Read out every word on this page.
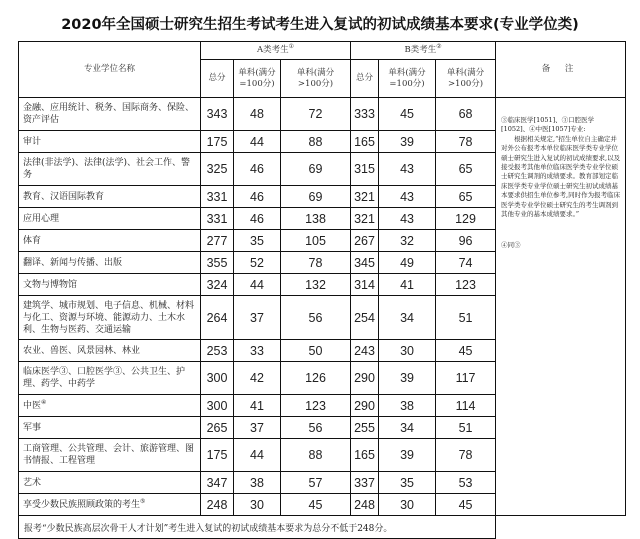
2020年全国硕士研究生招生考试考生进入复试的初试成绩基本要求(专业学位类)
专业学位名称	A类考生①			B类考生②			备 注
	总分	单科(满分=100分)	单科(满分>100分)	总分	单科(满分=100分)	单科(满分>100分)	
金融、应用统计、税务、国际商务、保险、资产评估	343	48	72	333	45	68	③临床医学[1051]、③口腔医学[1052]、④中医[1057]专业:

根据相关规定,“招生单位自主确定并对外公布报考本单位临床医学类专业学位硕士研究生进入复试的初试成绩要求,以及接受报考其他单位临床医学类专业学位硕士研究生调剂的成绩要求。教育部划定临床医学类专业学位硕士研究生初试成绩基本要求供招生单位参考,同时作为报考临床医学类专业学位硕士研究生的考生调剂到其他专业的基本成绩要求。”

④同③

审计	175	44	88	165	39	78	
法律(非法学)、法律(法学)、社会工作、警务	325	46	69	315	43	65	
教育、汉语国际教育	331	46	69	321	43	65	
应用心理	331	46	138	321	43	129	
体育	277	35	105	267	32	96	
翻译、新闻与传播、出版	355	52	78	345	49	74	
文物与博物馆	324	44	132	314	41	123	
建筑学、城市规划、电子信息、机械、材料与化工、资源与环境、能源动力、土木水利、生物与医药、交通运输	264	37	56	254	34	51	
农业、兽医、风景园林、林业	253	33	50	243	30	45	
临床医学③、口腔医学③、公共卫生、护理、药学、中药学	300	42	126	290	39	117	
中医④	300	41	123	290	38	114	
军事	265	37	56	255	34	51	
工商管理、公共管理、会计、旅游管理、图书情报、工程管理	175	44	88	165	39	78	
艺术	347	38	57	337	35	53	
享受少数民族照顾政策的考生⑤	248	30	45	248	30	45	
报考“少数民族高层次骨干人才计划”考生进入复试的初试成绩基本要求为总分不低于248分。							
